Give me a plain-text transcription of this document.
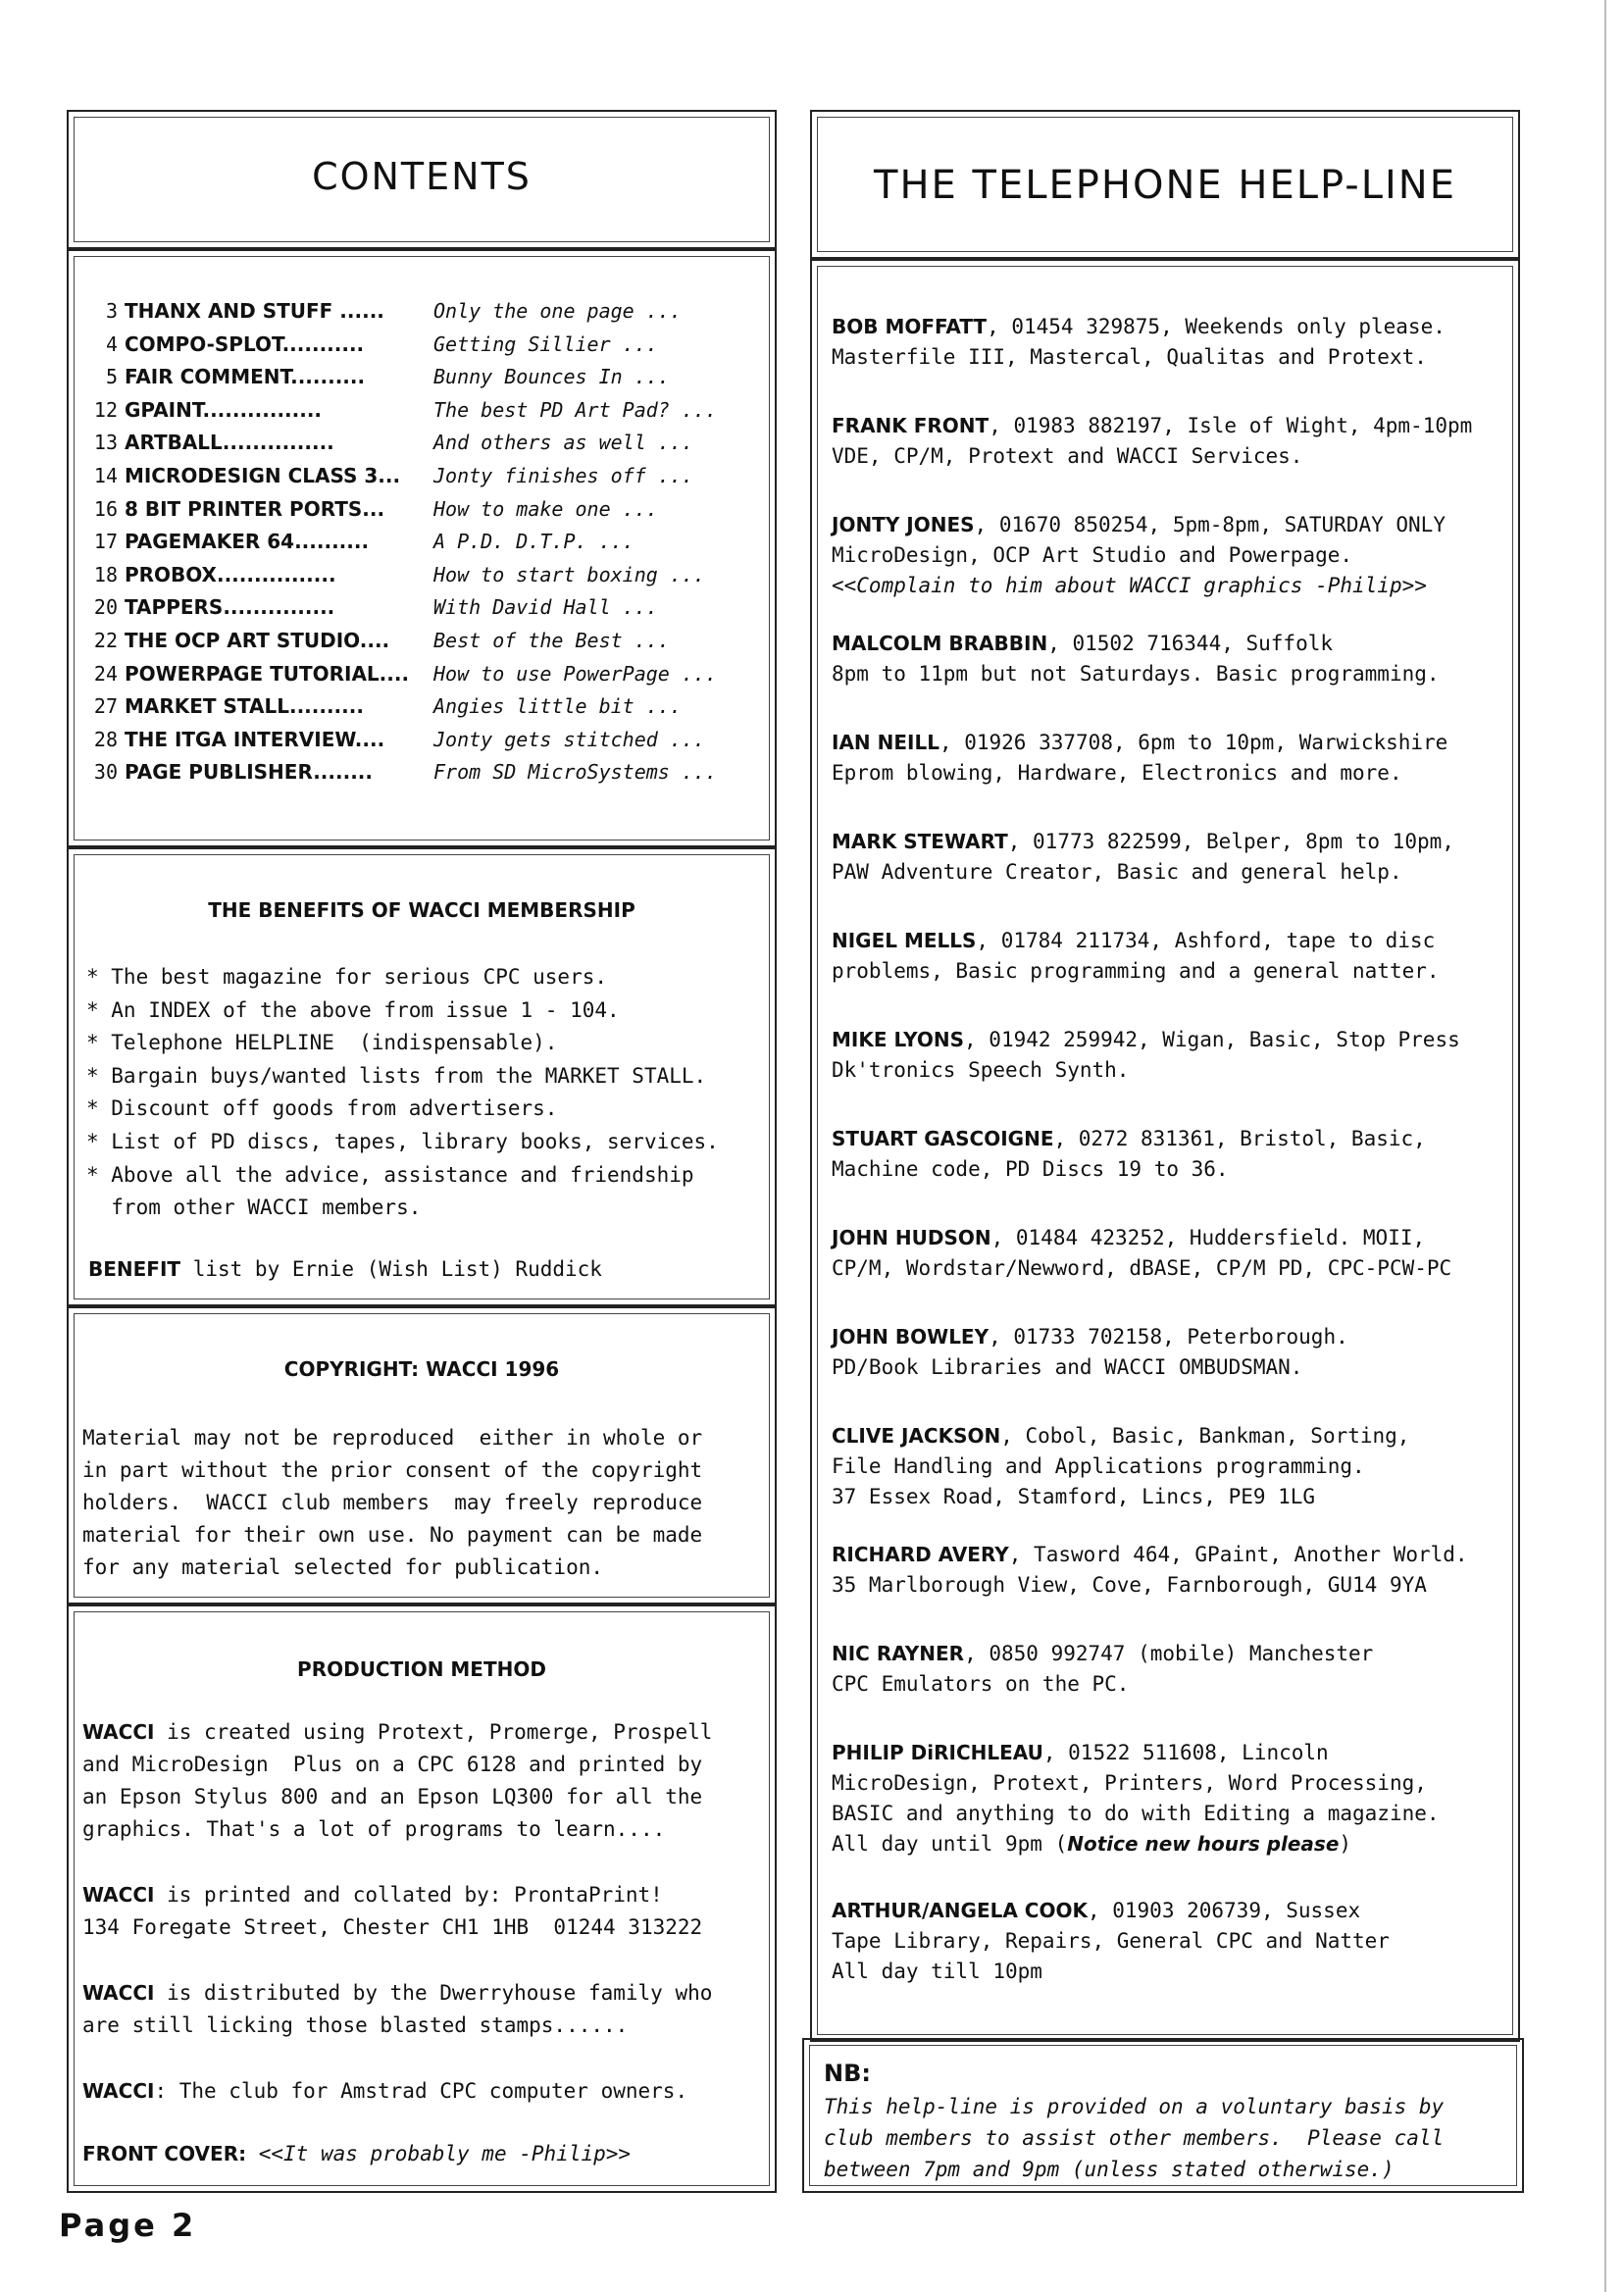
CONTENTS
3 THANX AND STUFF ......	Only the one page ...
4 COMPO-SPLOT...........	Getting Sillier ...
5 FAIR COMMENT..........	Bunny Bounces In ...
12 GPAINT................	The best PD Art Pad? ...
13 ARTBALL...............	And others as well ...
14 MICRODESIGN CLASS 3... Jonty finishes off ...
16 8 BIT PRINTER PORTS... How to make one ...
17 PAGEMAKER 64..........	A P.D. D.T.P. ...
18 PROBOX................	How to start boxing ...
20 TAPPERS...............	With David Hall ...
22 THE OCP ART STUDIO.... Best of the Best ...
24 POWERPAGE TUTORIAL.... How to use PowerPage ...
27 MARKET STALL..........	Angies little bit ...
28 THE ITGA INTERVIEW.... Jonty gets stitched ...
30 PAGE PUBLISHER........	From SD MicroSystems ...
THE BENEFITS OF WACCI MEMBERSHIP
* The best magazine for serious CPC users.
* An INDEX of the above from issue 1 - 104.
* Telephone HELPLINE  (indispensable).
* Bargain buys/wanted lists from the MARKET STALL.
* Discount off goods from advertisers.
* List of PD discs, tapes, library books, services.
* Above all the advice, assistance and friendship
from other WACCI members.
BENEFIT list by Ernie (Wish List) Ruddick
COPYRIGHT: WACCI 1996
Material may not be reproduced  either in whole or
in part without the prior consent of the copyright
holders.  WACCI club members  may freely reproduce
material for their own use. No payment can be made
for any material selected for publication.
PRODUCTION METHOD
WACCI is created using Protext, Promerge, Prospell
and MicroDesign  Plus on a CPC 6128 and printed by
an Epson Stylus 800 and an Epson LQ300 for all the
graphics. That's a lot of programs to learn....
WACCI is printed and collated by: ProntaPrint!
134 Foregate Street, Chester CH1 1HB  01244 313222
WACCI is distributed by the Dwerryhouse family who
are still licking those blasted stamps......
WACCI: The club for Amstrad CPC computer owners.
FRONT COVER: <<It was probably me -Philip>>
THE TELEPHONE HELP-LINE
BOB MOFFATT, 01454 329875, Weekends only please.
Masterfile III, Mastercal, Qualitas and Protext.
FRANK FRONT, 01983 882197, Isle of Wight, 4pm-10pm
VDE, CP/M, Protext and WACCI Services.
JONTY JONES, 01670 850254, 5pm-8pm, SATURDAY ONLY
MicroDesign, OCP Art Studio and Powerpage.
<<Complain to him about WACCI graphics -Philip>>
MALCOLM BRABBIN, 01502 716344, Suffolk
8pm to 11pm but not Saturdays. Basic programming.
IAN NEILL, 01926 337708, 6pm to 10pm, Warwickshire
Eprom blowing, Hardware, Electronics and more.
MARK STEWART, 01773 822599, Belper, 8pm to 10pm,
PAW Adventure Creator, Basic and general help.
NIGEL MELLS, 01784 211734, Ashford, tape to disc
problems, Basic programming and a general natter.
MIKE LYONS, 01942 259942, Wigan, Basic, Stop Press
Dk'tronics Speech Synth.
STUART GASCOIGNE, 0272 831361, Bristol, Basic,
Machine code, PD Discs 19 to 36.
JOHN HUDSON, 01484 423252, Huddersfield. MOII,
CP/M, Wordstar/Newword, dBASE, CP/M PD, CPC-PCW-PC
JOHN BOWLEY, 01733 702158, Peterborough.
PD/Book Libraries and WACCI OMBUDSMAN.
CLIVE JACKSON, Cobol, Basic, Bankman, Sorting,
File Handling and Applications programming.
37 Essex Road, Stamford, Lincs, PE9 1LG
RICHARD AVERY, Tasword 464, GPaint, Another World.
35 Marlborough View, Cove, Farnborough, GU14 9YA
NIC RAYNER, 0850 992747 (mobile) Manchester
CPC Emulators on the PC.
PHILIP DiRICHLEAU, 01522 511608, Lincoln
MicroDesign, Protext, Printers, Word Processing,
BASIC and anything to do with Editing a magazine.
All day until 9pm (Notice new hours please)
ARTHUR/ANGELA COOK, 01903 206739, Sussex
Tape Library, Repairs, General CPC and Natter
All day till 10pm
NB:
This help-line is provided on a voluntary basis by
club members to assist other members.  Please call
between 7pm and 9pm (unless stated otherwise.)
Page 2
